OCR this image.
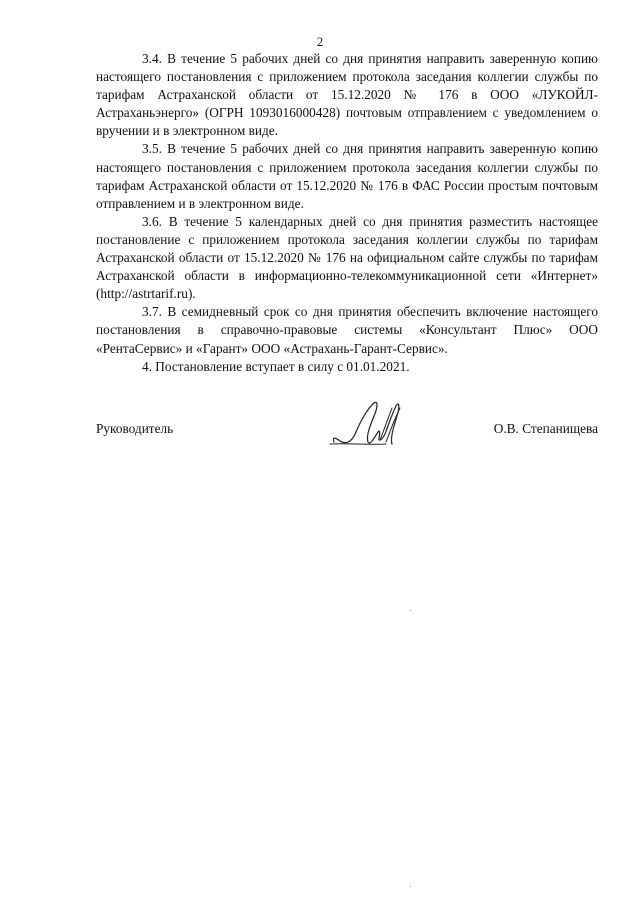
2

3.4. В течение 5 рабочих дней со дня принятия направить заверенную копию настоящего постановления с приложением протокола заседания коллегии службы по тарифам Астраханской области от 15.12.2020 № 176 в ООО «ЛУКОЙЛ-Астраханьэнерго» (ОГРН 1093016000428) почтовым отправлением с уведомлением о вручении и в электронном виде.

3.5. В течение 5 рабочих дней со дня принятия направить заверенную копию настоящего постановления с приложением протокола заседания коллегии службы по тарифам Астраханской области от 15.12.2020 № 176 в ФАС России простым почтовым отправлением и в электронном виде.

3.6. В течение 5 календарных дней со дня принятия разместить настоящее постановление с приложением протокола заседания коллегии службы по тарифам Астраханской области от 15.12.2020 № 176 на официальном сайте службы по тарифам Астраханской области в информационно-телекоммуникационной сети «Интернет» (http://astrtarif.ru).

3.7. В семидневный срок со дня принятия обеспечить включение настоящего постановления в справочно-правовые системы «Консультант Плюс» ООО «РентаСервис» и «Гарант» ООО «Астрахань-Гарант-Сервис».

4. Постановление вступает в силу с 01.01.2021.

Руководитель	О.В. Степанищева
